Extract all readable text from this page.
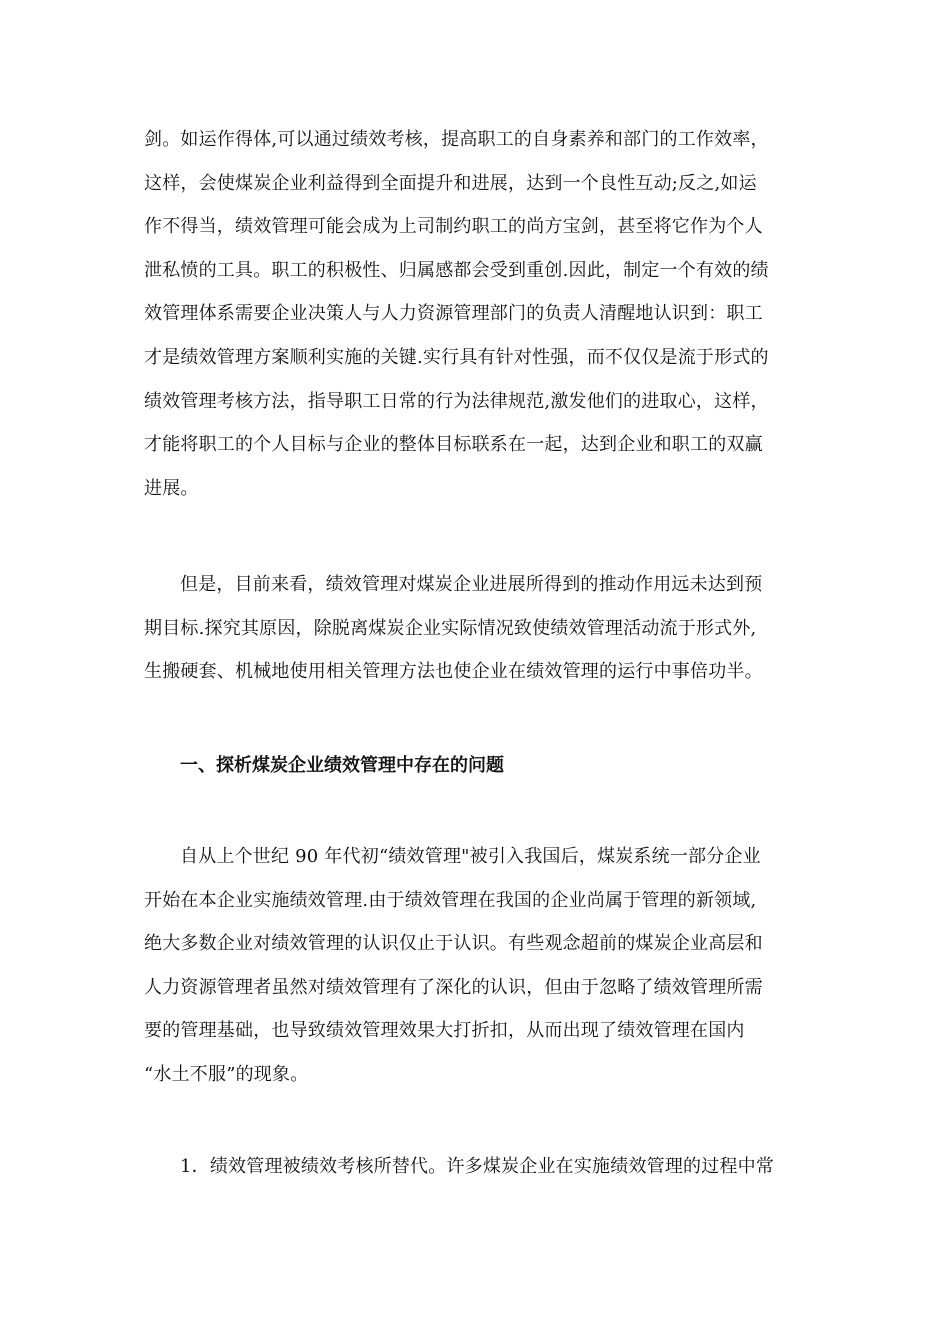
剑。如运作得体,可以通过绩效考核，提高职工的自身素养和部门的工作效率，
这样，会使煤炭企业利益得到全面提升和进展，达到一个良性互动;反之,如运
作不得当，绩效管理可能会成为上司制约职工的尚方宝剑，甚至将它作为个人
泄私愤的工具。职工的积极性、归属感都会受到重创.因此，制定一个有效的绩
效管理体系需要企业决策人与人力资源管理部门的负责人清醒地认识到：职工
才是绩效管理方案顺利实施的关键.实行具有针对性强，而不仅仅是流于形式的
绩效管理考核方法，指导职工日常的行为法律规范,激发他们的进取心，这样，
才能将职工的个人目标与企业的整体目标联系在一起，达到企业和职工的双赢
进展。
但是，目前来看，绩效管理对煤炭企业进展所得到的推动作用远未达到预
期目标.探究其原因，除脱离煤炭企业实际情况致使绩效管理活动流于形式外,
生搬硬套、机械地使用相关管理方法也使企业在绩效管理的运行中事倍功半。
一、探析煤炭企业绩效管理中存在的问题
自从上个世纪 90 年代初“绩效管理"被引入我国后，煤炭系统一部分企业
开始在本企业实施绩效管理.由于绩效管理在我国的企业尚属于管理的新领域,
绝大多数企业对绩效管理的认识仅止于认识。有些观念超前的煤炭企业高层和
人力资源管理者虽然对绩效管理有了深化的认识，但由于忽略了绩效管理所需
要的管理基础，也导致绩效管理效果大打折扣，从而出现了绩效管理在国内
“水土不服”的现象。
1．绩效管理被绩效考核所替代。许多煤炭企业在实施绩效管理的过程中常
